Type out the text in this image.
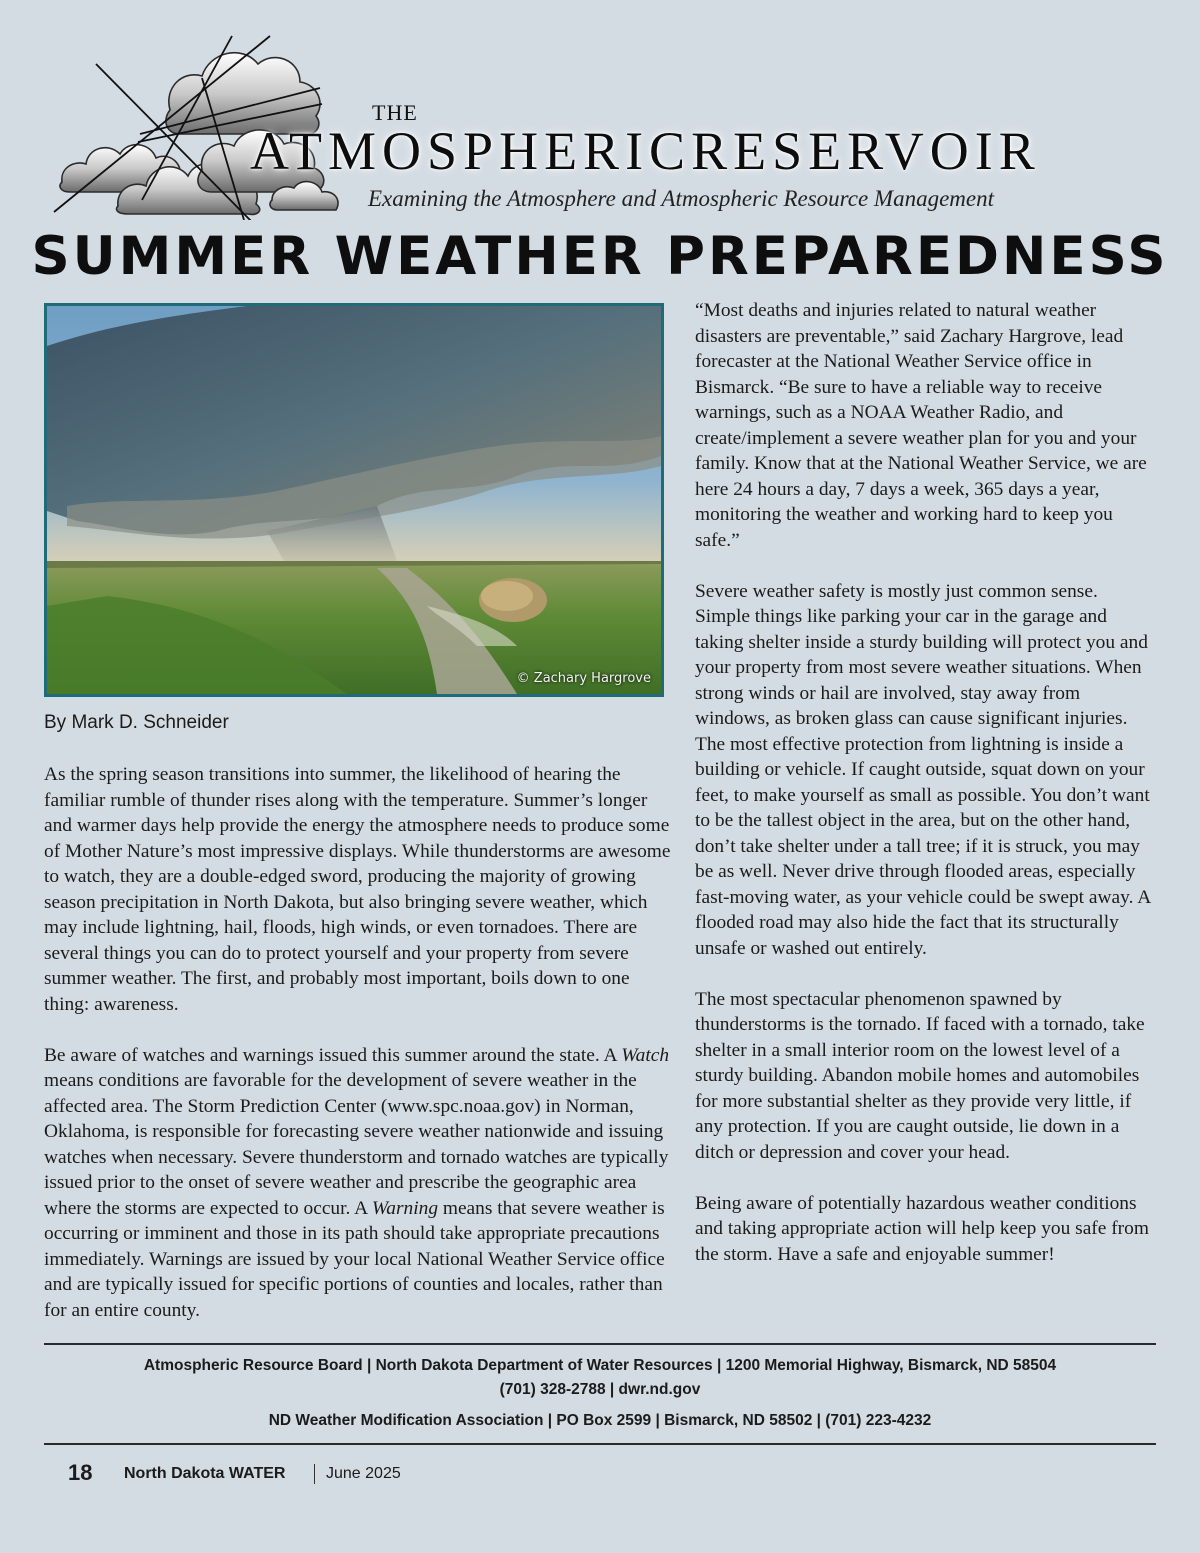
THE
ATMOSPHERICRESERVOIR
Examining the Atmosphere and Atmospheric Resource Management
SUMMER WEATHER PREPAREDNESS
© Zachary Hargrove
By Mark D. Schneider

As the spring season transitions into summer, the likelihood of hearing the familiar rumble of thunder rises along with the temperature. Summer’s longer and warmer days help provide the energy the atmosphere needs to produce some of Mother Nature’s most impressive displays. While thunderstorms are awesome to watch, they are a double-edged sword, producing the majority of growing season precipitation in North Dakota, but also bringing severe weather, which may include lightning, hail, floods, high winds, or even tornadoes. There are several things you can do to protect yourself and your property from severe summer weather. The first, and probably most important, boils down to one thing: awareness.

Be aware of watches and warnings issued this summer around the state. A Watch means conditions are favorable for the development of severe weather in the affected area. The Storm Prediction Center (www.spc.noaa.gov) in Norman, Oklahoma, is responsible for forecasting severe weather nationwide and issuing watches when necessary. Severe thunderstorm and tornado watches are typically issued prior to the onset of severe weather and prescribe the geographic area where the storms are expected to occur. A Warning means that severe weather is occurring or imminent and those in its path should take appropriate precautions immediately. Warnings are issued by your local National Weather Service office and are typically issued for specific portions of counties and locales, rather than for an entire county.

“Most deaths and injuries related to natural weather disasters are preventable,” said Zachary Hargrove, lead forecaster at the National Weather Service office in Bismarck. “Be sure to have a reliable way to receive warnings, such as a NOAA Weather Radio, and create/implement a severe weather plan for you and your family. Know that at the National Weather Service, we are here 24 hours a day, 7 days a week, 365 days a year, monitoring the weather and working hard to keep you safe.”

Severe weather safety is mostly just common sense. Simple things like parking your car in the garage and taking shelter inside a sturdy building will protect you and your property from most severe weather situations. When strong winds or hail are involved, stay away from windows, as broken glass can cause significant injuries. The most effective protection from lightning is inside a building or vehicle. If caught outside, squat down on your feet, to make yourself as small as possible. You don’t want to be the tallest object in the area, but on the other hand, don’t take shelter under a tall tree; if it is struck, you may be as well. Never drive through flooded areas, especially fast-moving water, as your vehicle could be swept away. A flooded road may also hide the fact that its structurally unsafe or washed out entirely.

The most spectacular phenomenon spawned by thunderstorms is the tornado. If faced with a tornado, take shelter in a small interior room on the lowest level of a sturdy building. Abandon mobile homes and automobiles for more substantial shelter as they provide very little, if any protection. If you are caught outside, lie down in a ditch or depression and cover your head.

Being aware of potentially hazardous weather conditions and taking appropriate action will help keep you safe from the storm. Have a safe and enjoyable summer!

Atmospheric Resource Board | North Dakota Department of Water Resources | 1200 Memorial Highway, Bismarck, ND 58504
(701) 328-2788 | dwr.nd.gov
ND Weather Modification Association | PO Box 2599 | Bismarck, ND 58502 | (701) 223-4232
18 North Dakota WATER	June 2025
